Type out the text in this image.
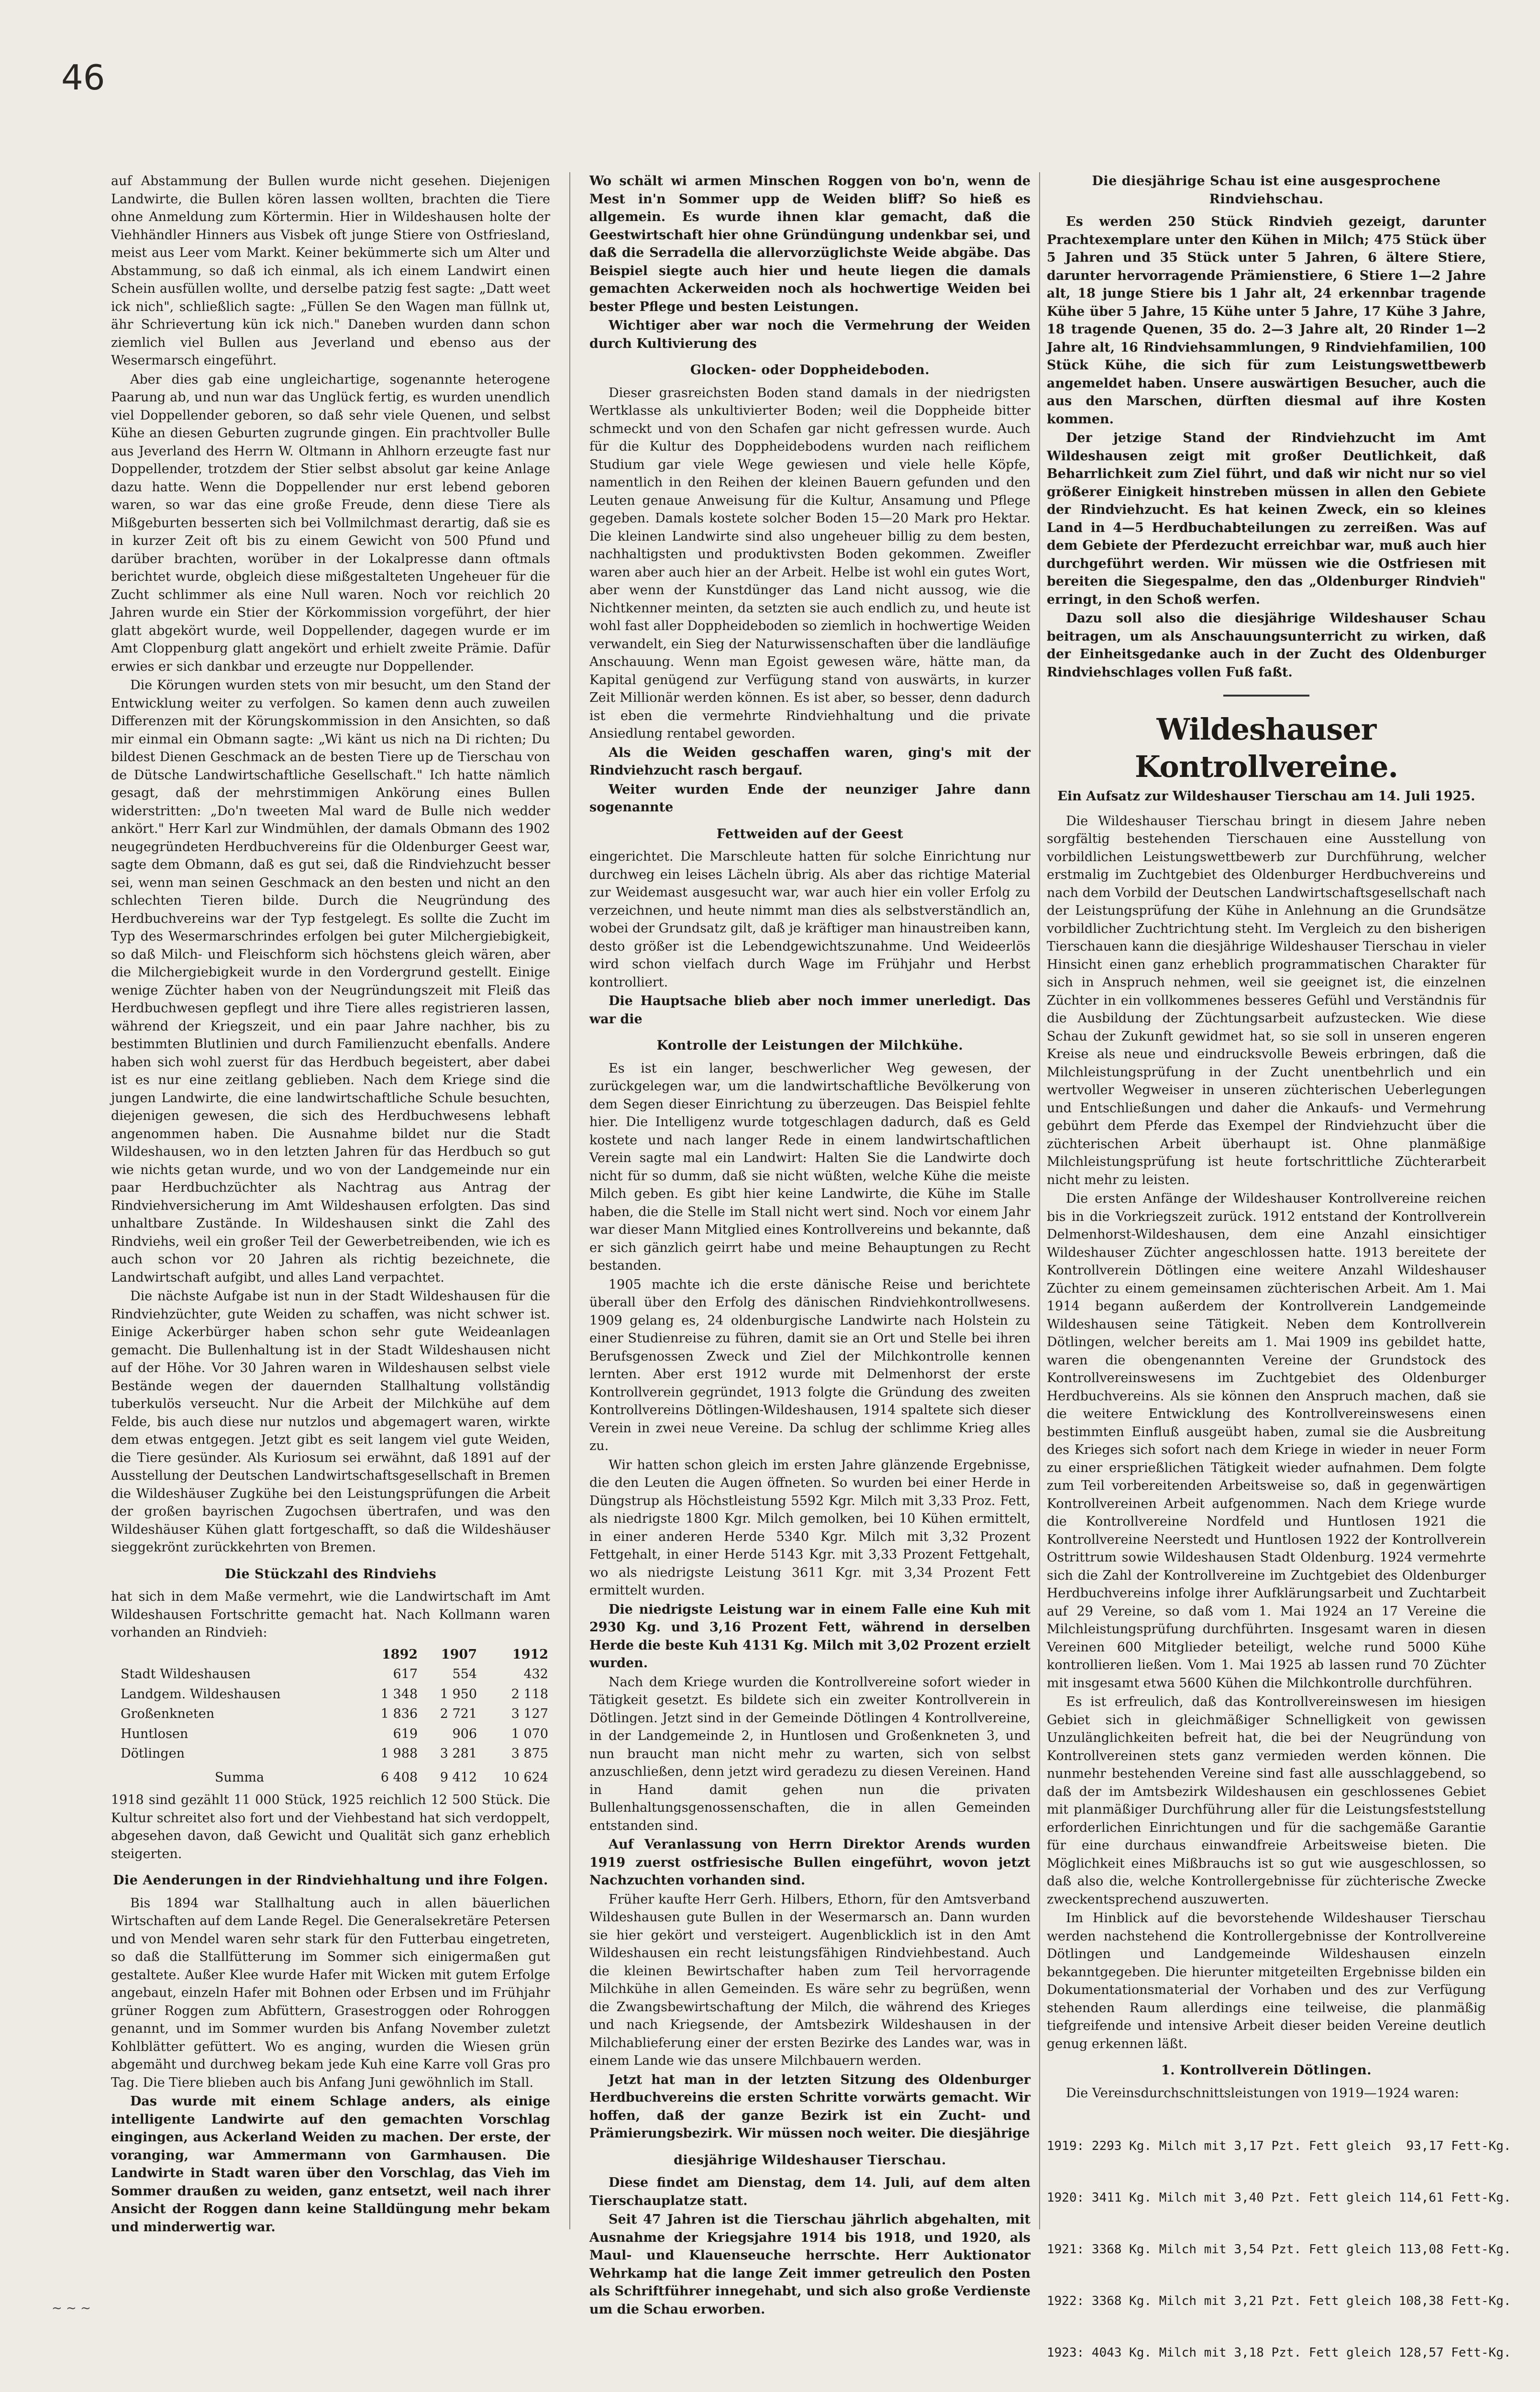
46

auf Abstammung der Bullen wurde nicht gesehen. Diejenigen Landwirte, die Bullen kören lassen wollten, brachten die Tiere ohne Anmeldung zum Körtermin. Hier in Wildeshausen holte der Viehhändler Hinners aus Visbek oft junge Stiere von Ostfriesland, meist aus Leer vom Markt. Keiner bekümmerte sich um Alter und Abstammung, so daß ich einmal, als ich einem Landwirt einen Schein ausfüllen wollte, und derselbe patzig fest sagte: „Datt weet ick nich", schließlich sagte: „Füllen Se den Wagen man füllnk ut, ähr Schrievertung kün ick nich." Daneben wurden dann schon ziemlich viel Bullen aus Jeverland und ebenso aus der Wesermarsch eingeführt.

Aber dies gab eine ungleichartige, sogenannte heterogene Paarung ab, und nun war das Unglück fertig, es wurden unendlich viel Doppellender geboren, so daß sehr viele Quenen, und selbst Kühe an diesen Geburten zugrunde gingen. Ein prachtvoller Bulle aus Jeverland des Herrn W. Oltmann in Ahlhorn erzeugte fast nur Doppellender, trotzdem der Stier selbst absolut gar keine Anlage dazu hatte. Wenn die Doppellender nur erst lebend geboren waren, so war das eine große Freude, denn diese Tiere als Mißgeburten besserten sich bei Vollmilchmast derartig, daß sie es in kurzer Zeit oft bis zu einem Gewicht von 500 Pfund und darüber brachten, worüber in der Lokalpresse dann oftmals berichtet wurde, obgleich diese mißgestalteten Ungeheuer für die Zucht schlimmer als eine Null waren. Noch vor reichlich 20 Jahren wurde ein Stier der Körkommission vorgeführt, der hier glatt abgekört wurde, weil Doppellender, dagegen wurde er im Amt Cloppenburg glatt angekört und erhielt zweite Prämie. Dafür erwies er sich dankbar und erzeugte nur Doppellender.

Die Körungen wurden stets von mir besucht, um den Stand der Entwicklung weiter zu verfolgen. So kamen denn auch zuweilen Differenzen mit der Körungskommission in den Ansichten, so daß mir einmal ein Obmann sagte: „Wi känt us nich na Di richten; Du bildest Dienen Geschmack an de besten Tiere up de Tierschau von de Dütsche Landwirtschaftliche Gesellschaft." Ich hatte nämlich gesagt, daß der mehrstimmigen Ankörung eines Bullen widerstritten: „Do'n tweeten Mal ward de Bulle nich wedder ankört." Herr Karl zur Windmühlen, der damals Obmann des 1902 neugegründeten Herdbuchvereins für die Oldenburger Geest war, sagte dem Obmann, daß es gut sei, daß die Rindviehzucht besser sei, wenn man seinen Geschmack an den besten und nicht an den schlechten Tieren bilde. Durch die Neugründung des Herdbuchvereins war der Typ festgelegt. Es sollte die Zucht im Typ des Wesermarschrindes erfolgen bei guter Milchergiebigkeit, so daß Milch- und Fleischform sich höchstens gleich wären, aber die Milchergiebigkeit wurde in den Vordergrund gestellt. Einige wenige Züchter haben von der Neugründungszeit mit Fleiß das Herdbuchwesen gepflegt und ihre Tiere alles registrieren lassen, während der Kriegszeit, und ein paar Jahre nachher, bis zu bestimmten Blutlinien und durch Familienzucht ebenfalls. Andere haben sich wohl zuerst für das Herdbuch begeistert, aber dabei ist es nur eine zeitlang geblieben. Nach dem Kriege sind die jungen Landwirte, die eine landwirtschaftliche Schule besuchten, diejenigen gewesen, die sich des Herdbuchwesens lebhaft angenommen haben. Die Ausnahme bildet nur die Stadt Wildeshausen, wo in den letzten Jahren für das Herdbuch so gut wie nichts getan wurde, und wo von der Landgemeinde nur ein paar Herdbuchzüchter als Nachtrag aus Antrag der Rindviehversicherung im Amt Wildeshausen erfolgten. Das sind unhaltbare Zustände. In Wildeshausen sinkt die Zahl des Rindviehs, weil ein großer Teil der Gewerbetreibenden, wie ich es auch schon vor 20 Jahren als richtig bezeichnete, die Landwirtschaft aufgibt, und alles Land verpachtet.

Die nächste Aufgabe ist nun in der Stadt Wildeshausen für die Rindviehzüchter, gute Weiden zu schaffen, was nicht schwer ist. Einige Ackerbürger haben schon sehr gute Weideanlagen gemacht. Die Bullenhaltung ist in der Stadt Wildeshausen nicht auf der Höhe. Vor 30 Jahren waren in Wildeshausen selbst viele Bestände wegen der dauernden Stallhaltung vollständig tuberkulös verseucht. Nur die Arbeit der Milchkühe auf dem Felde, bis auch diese nur nutzlos und abgemagert waren, wirkte dem etwas entgegen. Jetzt gibt es seit langem viel gute Weiden, die Tiere gesünder. Als Kuriosum sei erwähnt, daß 1891 auf der Ausstellung der Deutschen Landwirtschaftsgesellschaft in Bremen die Wildeshäuser Zugkühe bei den Leistungsprüfungen die Arbeit der großen bayrischen Zugochsen übertrafen, und was den Wildeshäuser Kühen glatt fortgeschafft, so daß die Wildeshäuser sieggekrönt zurückkehrten von Bremen.

Die Stückzahl des Rindviehs

hat sich in dem Maße vermehrt, wie die Landwirtschaft im Amt Wildeshausen Fortschritte gemacht hat. Nach Kollmann waren vorhanden an Rindvieh:

	1892	1907	1912
Stadt Wildeshausen	617	554	432
Landgem. Wildeshausen	1 348	1 950	2 118
Großenkneten	1 836	2 721	3 127
Huntlosen	619	906	1 070
Dötlingen	1 988	3 281	3 875
Summa	6 408	9 412	10 624

1918 sind gezählt 11 000 Stück, 1925 reichlich 12 500 Stück. Die Kultur schreitet also fort und der Viehbestand hat sich verdoppelt, abgesehen davon, daß Gewicht und Qualität sich ganz erheblich steigerten.

Die Aenderungen in der Rindviehhaltung und ihre Folgen.

Bis 1894 war Stallhaltung auch in allen bäuerlichen Wirtschaften auf dem Lande Regel. Die Generalsekretäre Petersen und von Mendel waren sehr stark für den Futterbau eingetreten, so daß die Stallfütterung im Sommer sich einigermaßen gut gestaltete. Außer Klee wurde Hafer mit Wicken mit gutem Erfolge angebaut, einzeln Hafer mit Bohnen oder Erbsen und im Frühjahr grüner Roggen zum Abfüttern, Grasestroggen oder Rohroggen genannt, und im Sommer wurden bis Anfang November zuletzt Kohlblätter gefüttert. Wo es anging, wurden die Wiesen grün abgemäht und durchweg bekam jede Kuh eine Karre voll Gras pro Tag. Die Tiere blieben auch bis Anfang Juni gewöhnlich im Stall.

Das wurde mit einem Schlage anders, als einige intelligente Landwirte auf den gemachten Vorschlag eingingen, aus Ackerland Weiden zu machen. Der erste, der voranging, war Ammermann von Garmhausen. Die Landwirte in Stadt waren über den Vorschlag, das Vieh im Sommer draußen zu weiden, ganz entsetzt, weil nach ihrer Ansicht der Roggen dann keine Stalldüngung mehr bekam und minderwertig war.

Wo schält wi armen Minschen Roggen von bo'n, wenn de Mest in'n Sommer upp de Weiden bliff? So hieß es allgemein. Es wurde ihnen klar gemacht, daß die Geestwirtschaft hier ohne Gründüngung undenkbar sei, und daß die Serradella die allervorzüglichste Weide abgäbe. Das Beispiel siegte auch hier und heute liegen die damals gemachten Ackerweiden noch als hochwertige Weiden bei bester Pflege und besten Leistungen.

Wichtiger aber war noch die Vermehrung der Weiden durch Kultivierung des

Glocken- oder Doppheideboden.

Dieser grasreichsten Boden stand damals in der niedrigsten Wertklasse als unkultivierter Boden; weil die Doppheide bitter schmeckt und von den Schafen gar nicht gefressen wurde. Auch für die Kultur des Doppheidebodens wurden nach reiflichem Studium gar viele Wege gewiesen und viele helle Köpfe, namentlich in den Reihen der kleinen Bauern gefunden und den Leuten genaue Anweisung für die Kultur, Ansamung und Pflege gegeben. Damals kostete solcher Boden 15—20 Mark pro Hektar. Die kleinen Landwirte sind also ungeheuer billig zu dem besten, nachhaltigsten und produktivsten Boden gekommen. Zweifler waren aber auch hier an der Arbeit. Helbe ist wohl ein gutes Wort, aber wenn der Kunstdünger das Land nicht aussog, wie die Nichtkenner meinten, da setzten sie auch endlich zu, und heute ist wohl fast aller Doppheideboden so ziemlich in hochwertige Weiden verwandelt, ein Sieg der Naturwissenschaften über die landläufige Anschauung. Wenn man Egoist gewesen wäre, hätte man, da Kapital genügend zur Verfügung stand von auswärts, in kurzer Zeit Millionär werden können. Es ist aber, so besser, denn dadurch ist eben die vermehrte Rindviehhaltung und die private Ansiedlung rentabel geworden.

Als die Weiden geschaffen waren, ging's mit der Rindviehzucht rasch bergauf.

Weiter wurden Ende der neunziger Jahre dann sogenannte

Fettweiden auf der Geest

eingerichtet. Die Marschleute hatten für solche Einrichtung nur durchweg ein leises Lächeln übrig. Als aber das richtige Material zur Weidemast ausgesucht war, war auch hier ein voller Erfolg zu verzeichnen, und heute nimmt man dies als selbstverständlich an, wobei der Grundsatz gilt, daß je kräftiger man hinaustreiben kann, desto größer ist die Lebendgewichtszunahme. Und Weideerlös wird schon vielfach durch Wage im Frühjahr und Herbst kontrolliert.

Die Hauptsache blieb aber noch immer unerledigt. Das war die

Kontrolle der Leistungen der Milchkühe.

Es ist ein langer, beschwerlicher Weg gewesen, der zurückgelegen war, um die landwirtschaftliche Bevölkerung von dem Segen dieser Einrichtung zu überzeugen. Das Beispiel fehlte hier. Die Intelligenz wurde totgeschlagen dadurch, daß es Geld kostete und nach langer Rede in einem landwirtschaftlichen Verein sagte mal ein Landwirt: Halten Sie die Landwirte doch nicht für so dumm, daß sie nicht wüßten, welche Kühe die meiste Milch geben. Es gibt hier keine Landwirte, die Kühe im Stalle haben, die die Stelle im Stall nicht wert sind. Noch vor einem Jahr war dieser Mann Mitglied eines Kontrollvereins und bekannte, daß er sich gänzlich geirrt habe und meine Behauptungen zu Recht bestanden.

1905 machte ich die erste dänische Reise und berichtete überall über den Erfolg des dänischen Rindviehkontrollwesens. 1909 gelang es, 24 oldenburgische Landwirte nach Holstein zu einer Studienreise zu führen, damit sie an Ort und Stelle bei ihren Berufsgenossen Zweck und Ziel der Milchkontrolle kennen lernten. Aber erst 1912 wurde mit Delmenhorst der erste Kontrollverein gegründet, 1913 folgte die Gründung des zweiten Kontrollvereins Dötlingen-Wildeshausen, 1914 spaltete sich dieser Verein in zwei neue Vereine. Da schlug der schlimme Krieg alles zu.

Wir hatten schon gleich im ersten Jahre glänzende Ergebnisse, die den Leuten die Augen öffneten. So wurden bei einer Herde in Düngstrup als Höchstleistung 5592 Kgr. Milch mit 3,33 Proz. Fett, als niedrigste 1800 Kgr. Milch gemolken, bei 10 Kühen ermittelt, in einer anderen Herde 5340 Kgr. Milch mit 3,32 Prozent Fettgehalt, in einer Herde 5143 Kgr. mit 3,33 Prozent Fettgehalt, wo als niedrigste Leistung 3611 Kgr. mit 3,34 Prozent Fett ermittelt wurden.

Die niedrigste Leistung war in einem Falle eine Kuh mit 2930 Kg. und 3,16 Prozent Fett, während in derselben Herde die beste Kuh 4131 Kg. Milch mit 3,02 Prozent erzielt wurden.

Nach dem Kriege wurden die Kontrollvereine sofort wieder in Tätigkeit gesetzt. Es bildete sich ein zweiter Kontrollverein in Dötlingen. Jetzt sind in der Gemeinde Dötlingen 4 Kontrollvereine, in der Landgemeinde 2, in Huntlosen und Großenkneten 3, und nun braucht man nicht mehr zu warten, sich von selbst anzuschließen, denn jetzt wird geradezu zu diesen Vereinen. Hand in Hand damit gehen nun die privaten Bullenhaltungsgenossenschaften, die in allen Gemeinden entstanden sind.

Auf Veranlassung von Herrn Direktor Arends wurden 1919 zuerst ostfriesische Bullen eingeführt, wovon jetzt Nachzuchten vorhanden sind.

Früher kaufte Herr Gerh. Hilbers, Ethorn, für den Amtsverband Wildeshausen gute Bullen in der Wesermarsch an. Dann wurden sie hier gekört und versteigert. Augenblicklich ist in den Amt Wildeshausen ein recht leistungsfähigen Rindviehbestand. Auch die kleinen Bewirtschafter haben zum Teil hervorragende Milchkühe in allen Gemeinden. Es wäre sehr zu begrüßen, wenn die Zwangsbewirtschaftung der Milch, die während des Krieges und nach Kriegsende, der Amtsbezirk Wildeshausen in der Milchablieferung einer der ersten Bezirke des Landes war, was in einem Lande wie das unsere Milchbauern werden.

Jetzt hat man in der letzten Sitzung des Oldenburger Herdbuchvereins die ersten Schritte vorwärts gemacht. Wir hoffen, daß der ganze Bezirk ist ein Zucht- und Prämierungsbezirk. Wir müssen noch weiter. Die diesjährige

diesjährige Wildeshauser Tierschau.

Diese findet am Dienstag, dem 14. Juli, auf dem alten Tierschauplatze statt.

Seit 47 Jahren ist die Tierschau jährlich abgehalten, mit Ausnahme der Kriegsjahre 1914 bis 1918, und 1920, als Maul- und Klauenseuche herrschte. Herr Auktionator Wehrkamp hat die lange Zeit immer getreulich den Posten als Schriftführer innegehabt, und sich also große Verdienste um die Schau erworben.

Die diesjährige Schau ist eine ausgesprochene Rindviehschau.

Es werden 250 Stück Rindvieh gezeigt, darunter Prachtexemplare unter den Kühen in Milch; 475 Stück über 5 Jahren und 35 Stück unter 5 Jahren, 6 ältere Stiere, darunter hervorragende Prämienstiere, 6 Stiere 1—2 Jahre alt, 18 junge Stiere bis 1 Jahr alt, 24 erkennbar tragende Kühe über 5 Jahre, 15 Kühe unter 5 Jahre, 17 Kühe 3 Jahre, 18 tragende Quenen, 35 do. 2—3 Jahre alt, 20 Rinder 1—2 Jahre alt, 16 Rindviehsammlungen, 9 Rindviehfamilien, 100 Stück Kühe, die sich für zum Leistungswettbewerb angemeldet haben. Unsere auswärtigen Besucher, auch die aus den Marschen, dürften diesmal auf ihre Kosten kommen.

Der jetzige Stand der Rindviehzucht im Amt Wildeshausen zeigt mit großer Deutlichkeit, daß Beharrlichkeit zum Ziel führt, und daß wir nicht nur so viel größerer Einigkeit hinstreben müssen in allen den Gebiete der Rindviehzucht. Es hat keinen Zweck, ein so kleines Land in 4—5 Herdbuchabteilungen zu zerreißen. Was auf dem Gebiete der Pferdezucht erreichbar war, muß auch hier durchgeführt werden. Wir müssen wie die Ostfriesen mit bereiten die Siegespalme, den das „Oldenburger Rindvieh" erringt, in den Schoß werfen.

Dazu soll also die diesjährige Wildeshauser Schau beitragen, um als Anschauungsunterricht zu wirken, daß der Einheitsgedanke auch in der Zucht des Oldenburger Rindviehschlages vollen Fuß faßt.

Wildeshauser Kontrollvereine.
Ein Aufsatz zur Wildeshauser Tierschau am 14. Juli 1925.

Die Wildeshauser Tierschau bringt in diesem Jahre neben sorgfältig bestehenden Tierschauen eine Ausstellung von vorbildlichen Leistungswettbewerb zur Durchführung, welcher erstmalig im Zuchtgebiet des Oldenburger Herdbuchvereins und nach dem Vorbild der Deutschen Landwirtschaftsgesellschaft nach der Leistungsprüfung der Kühe in Anlehnung an die Grundsätze vorbildlicher Zuchtrichtung steht. Im Vergleich zu den bisherigen Tierschauen kann die diesjährige Wildeshauser Tierschau in vieler Hinsicht einen ganz erheblich programmatischen Charakter für sich in Anspruch nehmen, weil sie geeignet ist, die einzelnen Züchter in ein vollkommenes besseres Gefühl und Verständnis für die Ausbildung der Züchtungsarbeit aufzustecken. Wie diese Schau der Zukunft gewidmet hat, so sie soll in unseren engeren Kreise als neue und eindrucksvolle Beweis erbringen, daß die Milchleistungsprüfung in der Zucht unentbehrlich und ein wertvoller Wegweiser in unseren züchterischen Ueberlegungen und Entschließungen und daher die Ankaufs- und Vermehrung gebührt dem Pferde das Exempel der Rindviehzucht über die züchterischen Arbeit überhaupt ist. Ohne planmäßige Milchleistungsprüfung ist heute fortschrittliche Züchterarbeit nicht mehr zu leisten.

Die ersten Anfänge der Wildeshauser Kontrollvereine reichen bis in die Vorkriegszeit zurück. 1912 entstand der Kontrollverein Delmenhorst-Wildeshausen, dem eine Anzahl einsichtiger Wildeshauser Züchter angeschlossen hatte. 1913 bereitete der Kontrollverein Dötlingen eine weitere Anzahl Wildeshauser Züchter zu einem gemeinsamen züchterischen Arbeit. Am 1. Mai 1914 begann außerdem der Kontrollverein Landgemeinde Wildeshausen seine Tätigkeit. Neben dem Kontrollverein Dötlingen, welcher bereits am 1. Mai 1909 ins gebildet hatte, waren die obengenannten Vereine der Grundstock des Kontrollvereinswesens im Zuchtgebiet des Oldenburger Herdbuchvereins. Als sie können den Anspruch machen, daß sie die weitere Entwicklung des Kontrollvereinswesens einen bestimmten Einfluß ausgeübt haben, zumal sie die Ausbreitung des Krieges sich sofort nach dem Kriege in wieder in neuer Form zu einer ersprießlichen Tätigkeit wieder aufnahmen. Dem folgte zum Teil vorbereitenden Arbeitsweise so, daß in gegenwärtigen Kontrollvereinen Arbeit aufgenommen. Nach dem Kriege wurde die Kontrollvereine Nordfeld und Huntlosen 1921 die Kontrollvereine Neerstedt und Huntlosen 1922 der Kontrollverein Ostrittrum sowie Wildeshausen Stadt Oldenburg. 1924 vermehrte sich die Zahl der Kontrollvereine im Zuchtgebiet des Oldenburger Herdbuchvereins infolge ihrer Aufklärungsarbeit und Zuchtarbeit auf 29 Vereine, so daß vom 1. Mai 1924 an 17 Vereine die Milchleistungsprüfung durchführten. Insgesamt waren in diesen Vereinen 600 Mitglieder beteiligt, welche rund 5000 Kühe kontrollieren ließen. Vom 1. Mai 1925 ab lassen rund 70 Züchter mit insgesamt etwa 5600 Kühen die Milchkontrolle durchführen.

Es ist erfreulich, daß das Kontrollvereinswesen im hiesigen Gebiet sich in gleichmäßiger Schnelligkeit von gewissen Unzulänglichkeiten befreit hat, die bei der Neugründung von Kontrollvereinen stets ganz vermieden werden können. Die nunmehr bestehenden Vereine sind fast alle ausschlaggebend, so daß der im Amtsbezirk Wildeshausen ein geschlossenes Gebiet mit planmäßiger Durchführung aller für die Leistungsfeststellung erforderlichen Einrichtungen und für die sachgemäße Garantie für eine durchaus einwandfreie Arbeitsweise bieten. Die Möglichkeit eines Mißbrauchs ist so gut wie ausgeschlossen, so daß also die, welche Kontrollergebnisse für züchterische Zwecke zweckentsprechend auszuwerten.

Im Hinblick auf die bevorstehende Wildeshauser Tierschau werden nachstehend die Kontrollergebnisse der Kontrollvereine Dötlingen und Landgemeinde Wildeshausen einzeln bekanntgegeben. Die hierunter mitgeteilten Ergebnisse bilden ein Dokumentationsmaterial der Vorhaben und des zur Verfügung stehenden Raum allerdings eine teilweise, die planmäßig tiefgreifende und intensive Arbeit dieser beiden Vereine deutlich genug erkennen läßt.

1. Kontrollverein Dötlingen.

Die Vereinsdurchschnittsleistungen von 1919—1924 waren:

1919: 2293 Kg. Milch mit 3,17 Pzt. Fett gleich  93,17 Fett-Kg.

1920: 3411 Kg. Milch mit 3,40 Pzt. Fett gleich 114,61 Fett-Kg.

1921: 3368 Kg. Milch mit 3,54 Pzt. Fett gleich 113,08 Fett-Kg.

1922: 3368 Kg. Milch mit 3,21 Pzt. Fett gleich 108,38 Fett-Kg.

1923: 4043 Kg. Milch mit 3,18 Pzt. Fett gleich 128,57 Fett-Kg.

~ ~ ~
